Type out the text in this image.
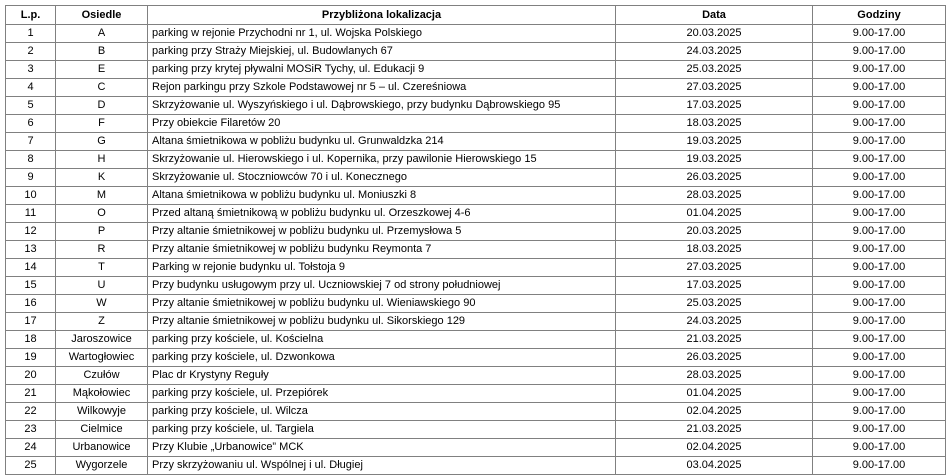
L.p.	Osiedle	Przybliżona lokalizacja	Data	Godziny
1	A	parking w rejonie Przychodni nr 1, ul. Wojska Polskiego	20.03.2025	9.00-17.00
2	B	parking przy Straży Miejskiej, ul. Budowlanych 67	24.03.2025	9.00-17.00
3	E	parking przy krytej pływalni MOSiR Tychy, ul. Edukacji 9	25.03.2025	9.00-17.00
4	C	Rejon parkingu przy Szkole Podstawowej nr 5 – ul. Czereśniowa	27.03.2025	9.00-17.00
5	D	Skrzyżowanie ul. Wyszyńskiego i ul. Dąbrowskiego, przy budynku Dąbrowskiego 95	17.03.2025	9.00-17.00
6	F	Przy obiekcie Filaretów 20	18.03.2025	9.00-17.00
7	G	Altana śmietnikowa w pobliżu budynku ul. Grunwaldzka 214	19.03.2025	9.00-17.00
8	H	Skrzyżowanie ul. Hierowskiego i ul. Kopernika, przy pawilonie Hierowskiego 15	19.03.2025	9.00-17.00
9	K	Skrzyżowanie ul. Stoczniowców 70 i ul. Konecznego	26.03.2025	9.00-17.00
10	M	Altana śmietnikowa w pobliżu budynku ul. Moniuszki 8	28.03.2025	9.00-17.00
11	O	Przed altaną śmietnikową w pobliżu budynku ul. Orzeszkowej 4-6	01.04.2025	9.00-17.00
12	P	Przy altanie śmietnikowej w pobliżu budynku ul. Przemysłowa 5	20.03.2025	9.00-17.00
13	R	Przy altanie śmietnikowej w pobliżu budynku Reymonta 7	18.03.2025	9.00-17.00
14	T	Parking w rejonie budynku ul. Tołstoja 9	27.03.2025	9.00-17.00
15	U	Przy budynku usługowym przy ul. Uczniowskiej 7 od strony południowej	17.03.2025	9.00-17.00
16	W	Przy altanie śmietnikowej w pobliżu budynku ul. Wieniawskiego 90	25.03.2025	9.00-17.00
17	Z	Przy altanie śmietnikowej w pobliżu budynku ul. Sikorskiego 129	24.03.2025	9.00-17.00
18	Jaroszowice	parking przy kościele, ul. Kościelna	21.03.2025	9.00-17.00
19	Wartogłowiec	parking przy kościele, ul. Dzwonkowa	26.03.2025	9.00-17.00
20	Czułów	Plac dr Krystyny Reguły	28.03.2025	9.00-17.00
21	Mąkołowiec	parking przy kościele, ul. Przepiórek	01.04.2025	9.00-17.00
22	Wilkowyje	parking przy kościele, ul. Wilcza	02.04.2025	9.00-17.00
23	Cielmice	parking przy kościele, ul. Targiela	21.03.2025	9.00-17.00
24	Urbanowice	Przy Klubie „Urbanowice” MCK	02.04.2025	9.00-17.00
25	Wygorzele	Przy skrzyżowaniu ul. Wspólnej i ul. Długiej	03.04.2025	9.00-17.00
